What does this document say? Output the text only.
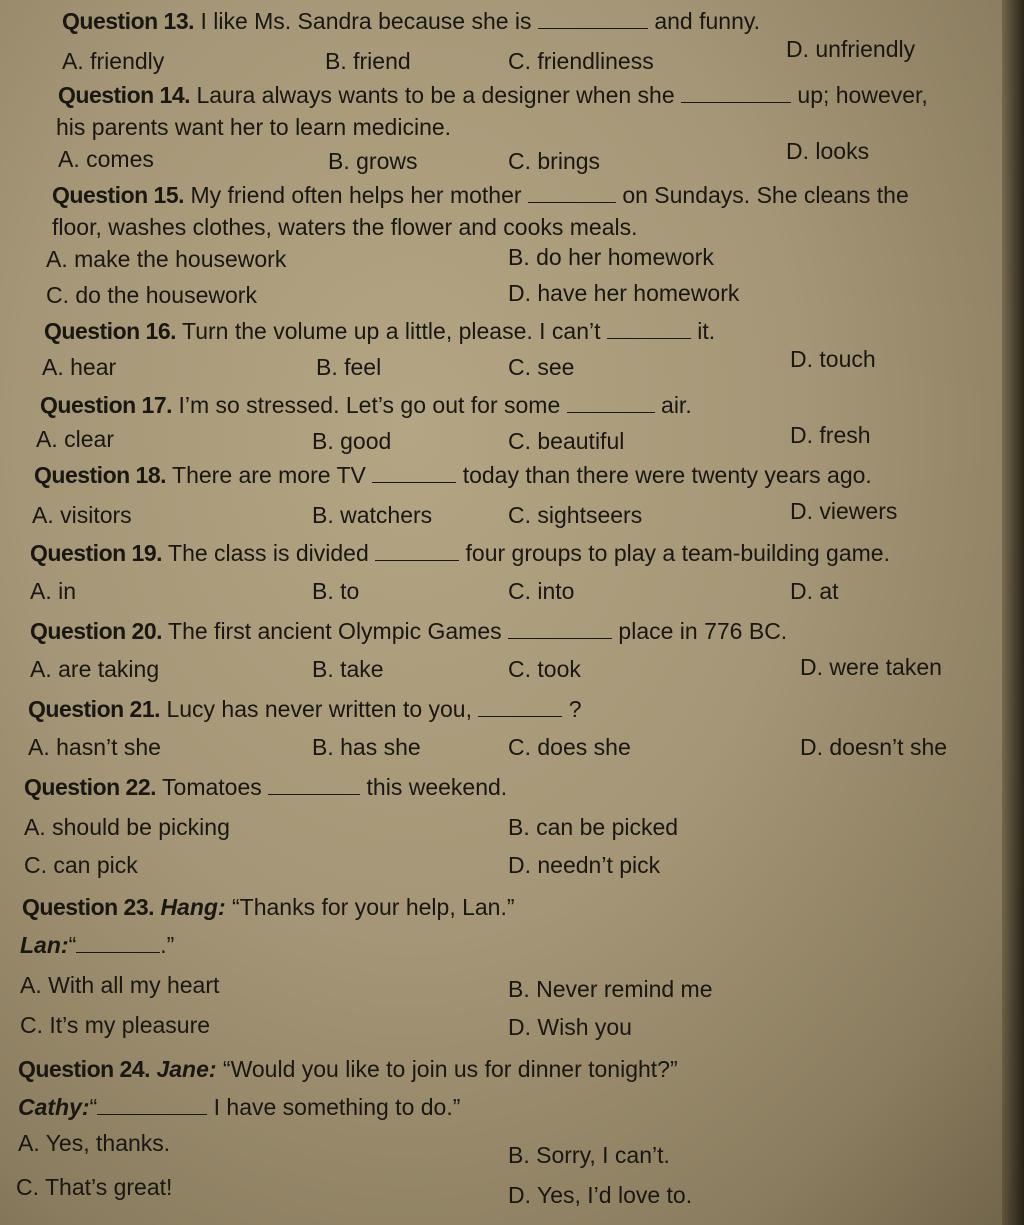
Question 13. I like Ms. Sandra because she is	and funny.
A. friendly	B. friend	C. friendliness	D. unfriendly
Question 14. Laura always wants to be a designer when she	up; however,
his parents want her to learn medicine.
A. comes	B. grows	C. brings	D. looks
Question 15. My friend often helps her mother	on Sundays. She cleans the
floor, washes clothes, waters the flower and cooks meals.
A. make the housework	B. do her homework
C. do the housework	D. have her homework
Question 16. Turn the volume up a little, please. I can’t	it.
A. hear	B. feel	C. see	D. touch
Question 17. I’m so stressed. Let’s go out for some	air.
A. clear	B. good	C. beautiful	D. fresh
Question 18. There are more TV	today than there were twenty years ago.
A. visitors	B. watchers	C. sightseers	D. viewers
Question 19. The class is divided	four groups to play a team-building game.
A. in	B. to	C. into	D. at
Question 20. The first ancient Olympic Games	place in 776 BC.
A. are taking	B. take	C. took	D. were taken
Question 21. Lucy has never written to you,	?
A. hasn’t she	B. has she	C. does she	D. doesn’t she
Question 22. Tomatoes	this weekend.
A. should be picking	B. can be picked
C. can pick	D. needn’t pick
Question 23. Hang: “Thanks for your help, Lan.”
Lan:“	.”
A. With all my heart	B. Never remind me
C. It’s my pleasure	D. Wish you
Question 24. Jane: “Would you like to join us for dinner tonight?”
Cathy:“	I have something to do.”
A. Yes, thanks.	B. Sorry, I can’t.
C. That’s great!	D. Yes, I’d love to.
